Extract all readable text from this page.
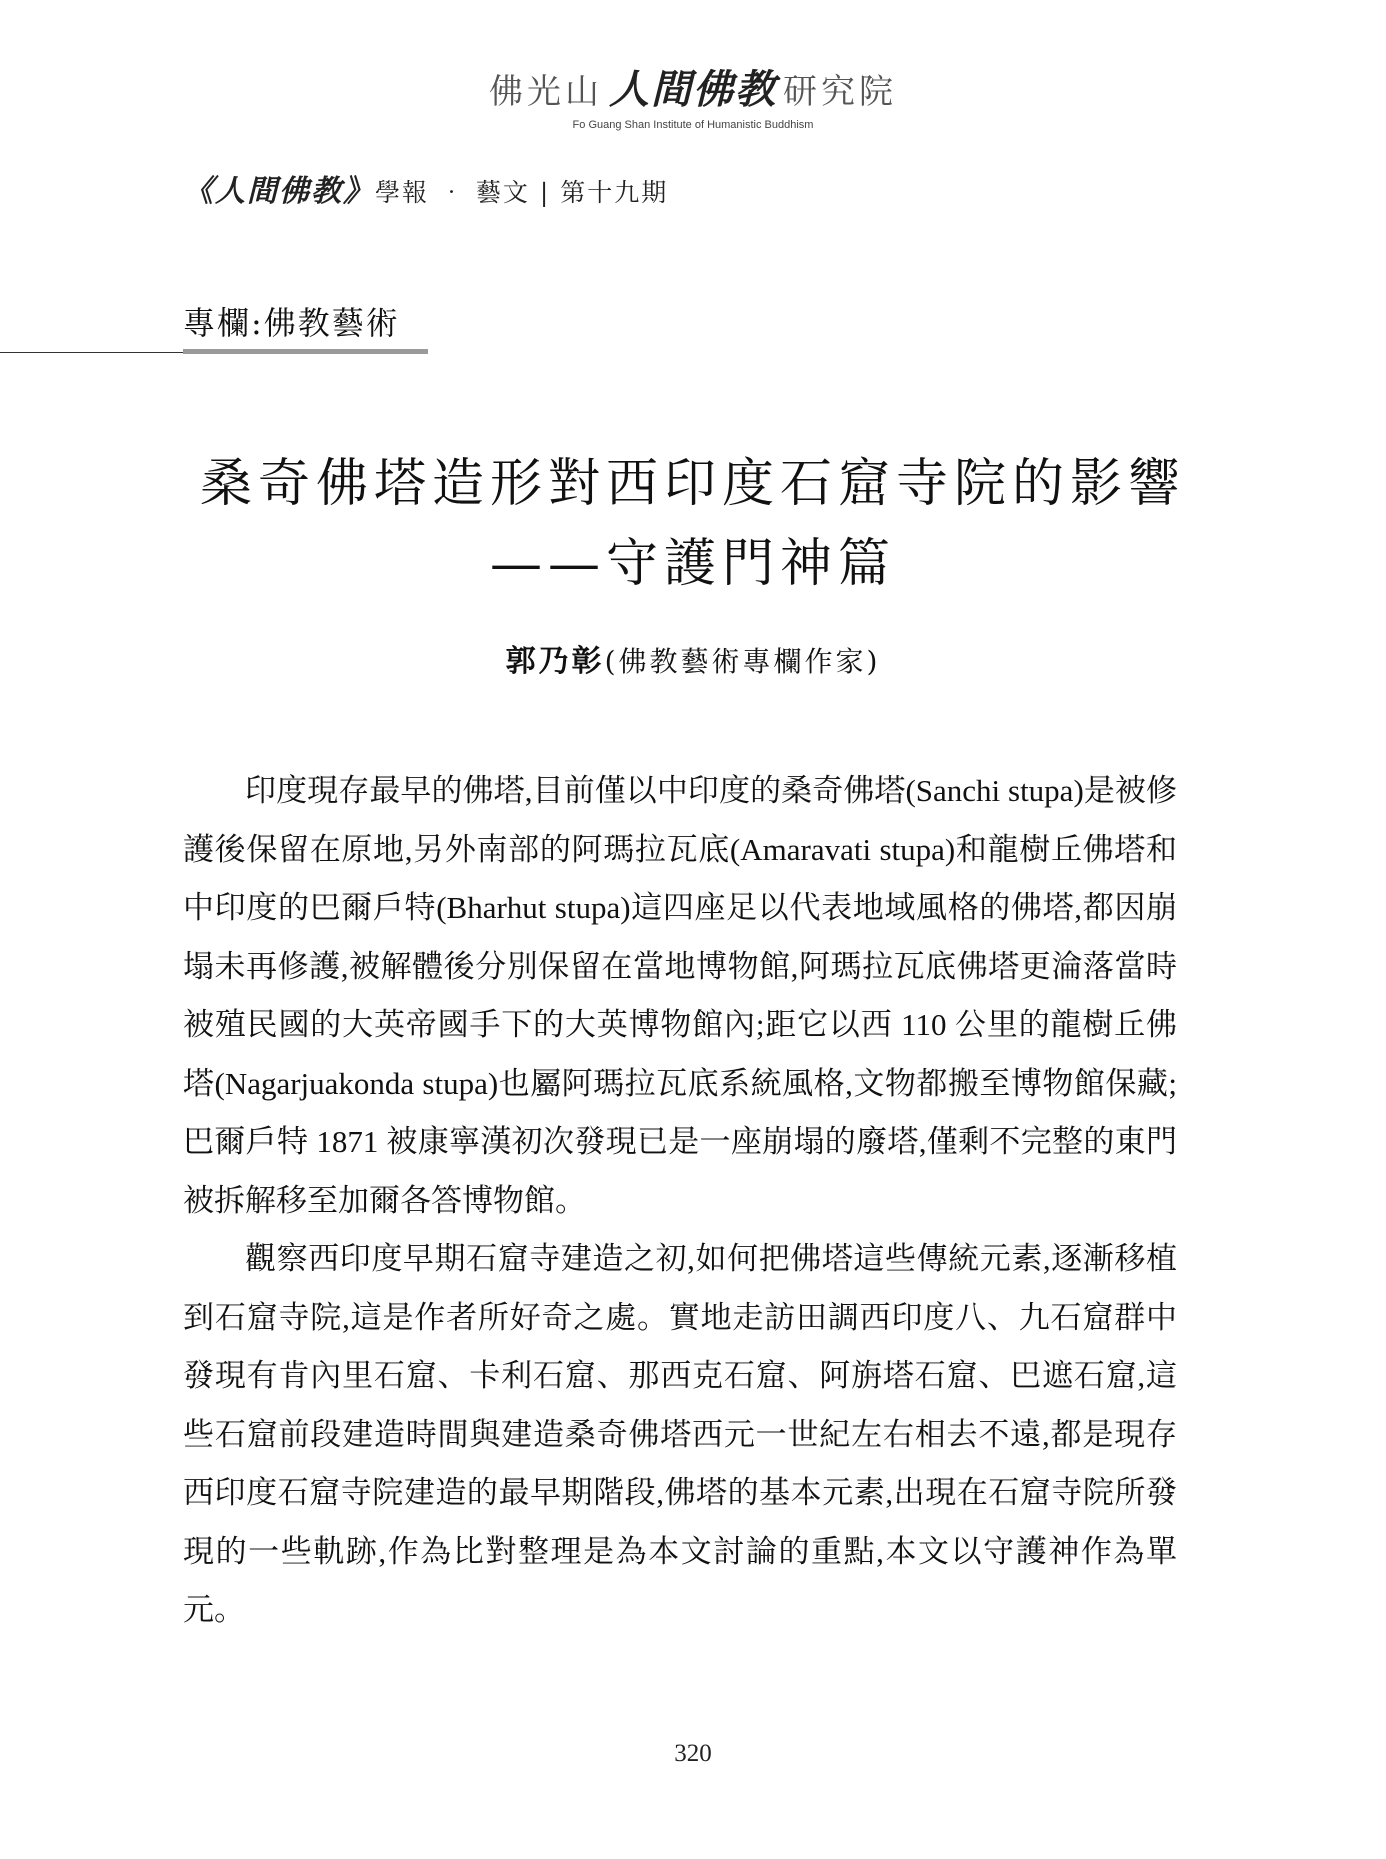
佛光山 人間佛教 研究院
Fo Guang Shan Institute of Humanistic Buddhism
《人間佛教》學報 ‧ 藝文 | 第十九期
專欄:佛教藝術
桑奇佛塔造形對西印度石窟寺院的影響
——守護門神篇
郭乃彰(佛教藝術專欄作家)

印度現存最早的佛塔,目前僅以中印度的桑奇佛塔(Sanchi stupa)是被修護後保留在原地,另外南部的阿瑪拉瓦底(Amaravati stupa)和龍樹丘佛塔和中印度的巴爾戶特(Bharhut stupa)這四座足以代表地域風格的佛塔,都因崩塌未再修護,被解體後分別保留在當地博物館,阿瑪拉瓦底佛塔更淪落當時被殖民國的大英帝國手下的大英博物館內;距它以西 110 公里的龍樹丘佛塔(Nagarjuakonda stupa)也屬阿瑪拉瓦底系統風格,文物都搬至博物館保藏;巴爾戶特 1871 被康寧漢初次發現已是一座崩塌的廢塔,僅剩不完整的東門被拆解移至加爾各答博物館。

觀察西印度早期石窟寺建造之初,如何把佛塔這些傳統元素,逐漸移植到石窟寺院,這是作者所好奇之處。實地走訪田調西印度八、九石窟群中發現有肯內里石窟、卡利石窟、那西克石窟、阿旃塔石窟、巴遮石窟,這些石窟前段建造時間與建造桑奇佛塔西元一世紀左右相去不遠,都是現存西印度石窟寺院建造的最早期階段,佛塔的基本元素,出現在石窟寺院所發現的一些軌跡,作為比對整理是為本文討論的重點,本文以守護神作為單元。

320
